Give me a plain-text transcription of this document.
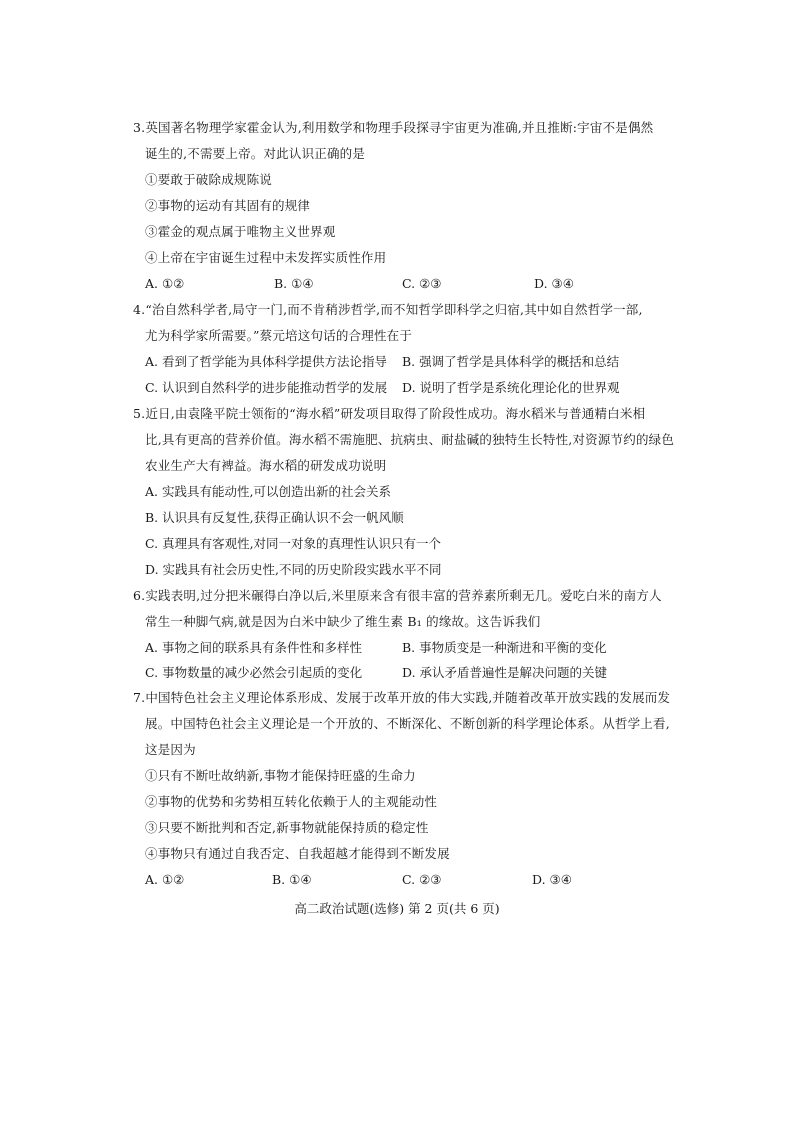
3.英国著名物理学家霍金认为,利用数学和物理手段探寻宇宙更为准确,并且推断:宇宙不是偶然
诞生的,不需要上帝。对此认识正确的是
①要敢于破除成规陈说
②事物的运动有其固有的规律
③霍金的观点属于唯物主义世界观
④上帝在宇宙诞生过程中未发挥实质性作用
A. ①②	B. ①④	C. ②③	D. ③④
4.“治自然科学者,局守一门,而不肯稍涉哲学,而不知哲学即科学之归宿,其中如自然哲学一部,
尤为科学家所需要。”蔡元培这句话的合理性在于
A. 看到了哲学能为具体科学提供方法论指导 B. 强调了哲学是具体科学的概括和总结
C. 认识到自然科学的进步能推动哲学的发展 D. 说明了哲学是系统化理论化的世界观
5.近日,由袁隆平院士领衔的“海水稻”研发项目取得了阶段性成功。海水稻米与普通精白米相
比,具有更高的营养价值。海水稻不需施肥、抗病虫、耐盐碱的独特生长特性,对资源节约的绿色
农业生产大有裨益。海水稻的研发成功说明
A. 实践具有能动性,可以创造出新的社会关系
B. 认识具有反复性,获得正确认识不会一帆风顺
C. 真理具有客观性,对同一对象的真理性认识只有一个
D. 实践具有社会历史性,不同的历史阶段实践水平不同
6.实践表明,过分把米碾得白净以后,米里原来含有很丰富的营养素所剩无几。爱吃白米的南方人
常生一种脚气病,就是因为白米中缺少了维生素 B₁ 的缘故。这告诉我们
A. 事物之间的联系具有条件性和多样性	B. 事物质变是一种渐进和平衡的变化
C. 事物数量的减少必然会引起质的变化	D. 承认矛盾普遍性是解决问题的关键
7.中国特色社会主义理论体系形成、发展于改革开放的伟大实践,并随着改革开放实践的发展而发
展。中国特色社会主义理论是一个开放的、不断深化、不断创新的科学理论体系。从哲学上看,
这是因为
①只有不断吐故纳新,事物才能保持旺盛的生命力
②事物的优势和劣势相互转化依赖于人的主观能动性
③只要不断批判和否定,新事物就能保持质的稳定性
④事物只有通过自我否定、自我超越才能得到不断发展
A. ①②	B. ①④	C. ②③	D. ③④
高二政治试题(选修) 第 2 页(共 6 页)
